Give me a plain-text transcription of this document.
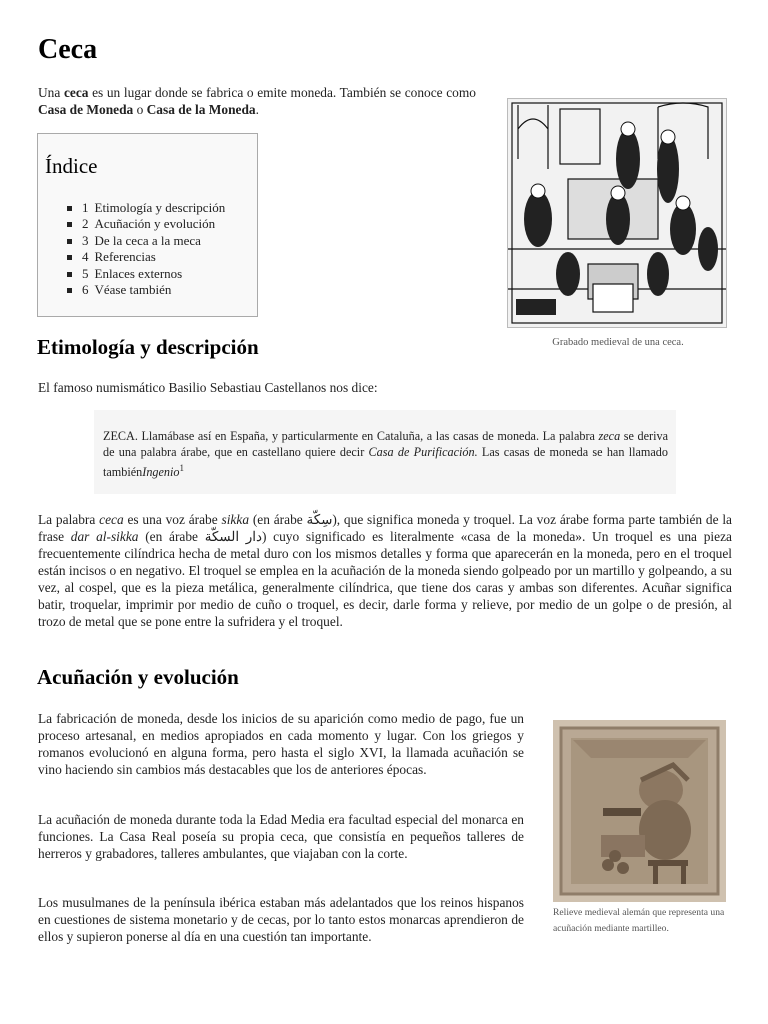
Ceca

Una ceca es un lugar donde se fabrica o emite moneda. También se conoce como Casa de Moneda o Casa de la Moneda.

Índice
1 Etimología y descripción
2 Acuñación y evolución
3 De la ceca a la meca
4 Referencias
5 Enlaces externos
6 Véase también
Grabado medieval de una ceca.
Etimología y descripción

El famoso numismático Basilio Sebastiau Castellanos nos dice:

ZECA. Llamábase así en España, y particularmente en Cataluña, a las casas de moneda. La palabra zeca se deriva de una palabra árabe, que en castellano quiere decir Casa de Purificación. Las casas de moneda se han llamado tambiénIngenio$^1$

La palabra ceca es una voz árabe sikka (en árabe سِكّة), que significa moneda y troquel. La voz árabe forma parte también de la frase dar al-sikka (en árabe دار السكّة) cuyo significado es literalmente «casa de la moneda». Un troquel es una pieza frecuentemente cilíndrica hecha de metal duro con los mismos detalles y forma que aparecerán en la moneda, pero en el troquel están incisos o en negativo. El troquel se emplea en la acuñación de la moneda siendo golpeado por un martillo y golpeando, a su vez, al cospel, que es la pieza metálica, generalmente cilíndrica, que tiene dos caras y ambas son diferentes. Acuñar significa batir, troquelar, imprimir por medio de cuño o troquel, es decir, darle forma y relieve, por medio de un golpe o de presión, al trozo de metal que se pone entre la sufridera y el troquel.

Acuñación y evolución

La fabricación de moneda, desde los inicios de su aparición como medio de pago, fue un proceso artesanal, en medios apropiados en cada momento y lugar. Con los griegos y romanos evolucionó en alguna forma, pero hasta el siglo XVI, la llamada acuñación se vino haciendo sin cambios más destacables que los de anteriores épocas.

La acuñación de moneda durante toda la Edad Media era facultad especial del monarca en funciones. La Casa Real poseía su propia ceca, que consistía en pequeños talleres de herreros y grabadores, talleres ambulantes, que viajaban con la corte.

Los musulmanes de la península ibérica estaban más adelantados que los reinos hispanos en cuestiones de sistema monetario y de cecas, por lo tanto estos monarcas aprendieron de ellos y supieron ponerse al día en una cuestión tan importante.

Relieve medieval alemán que representa una acuñación mediante martilleo.
